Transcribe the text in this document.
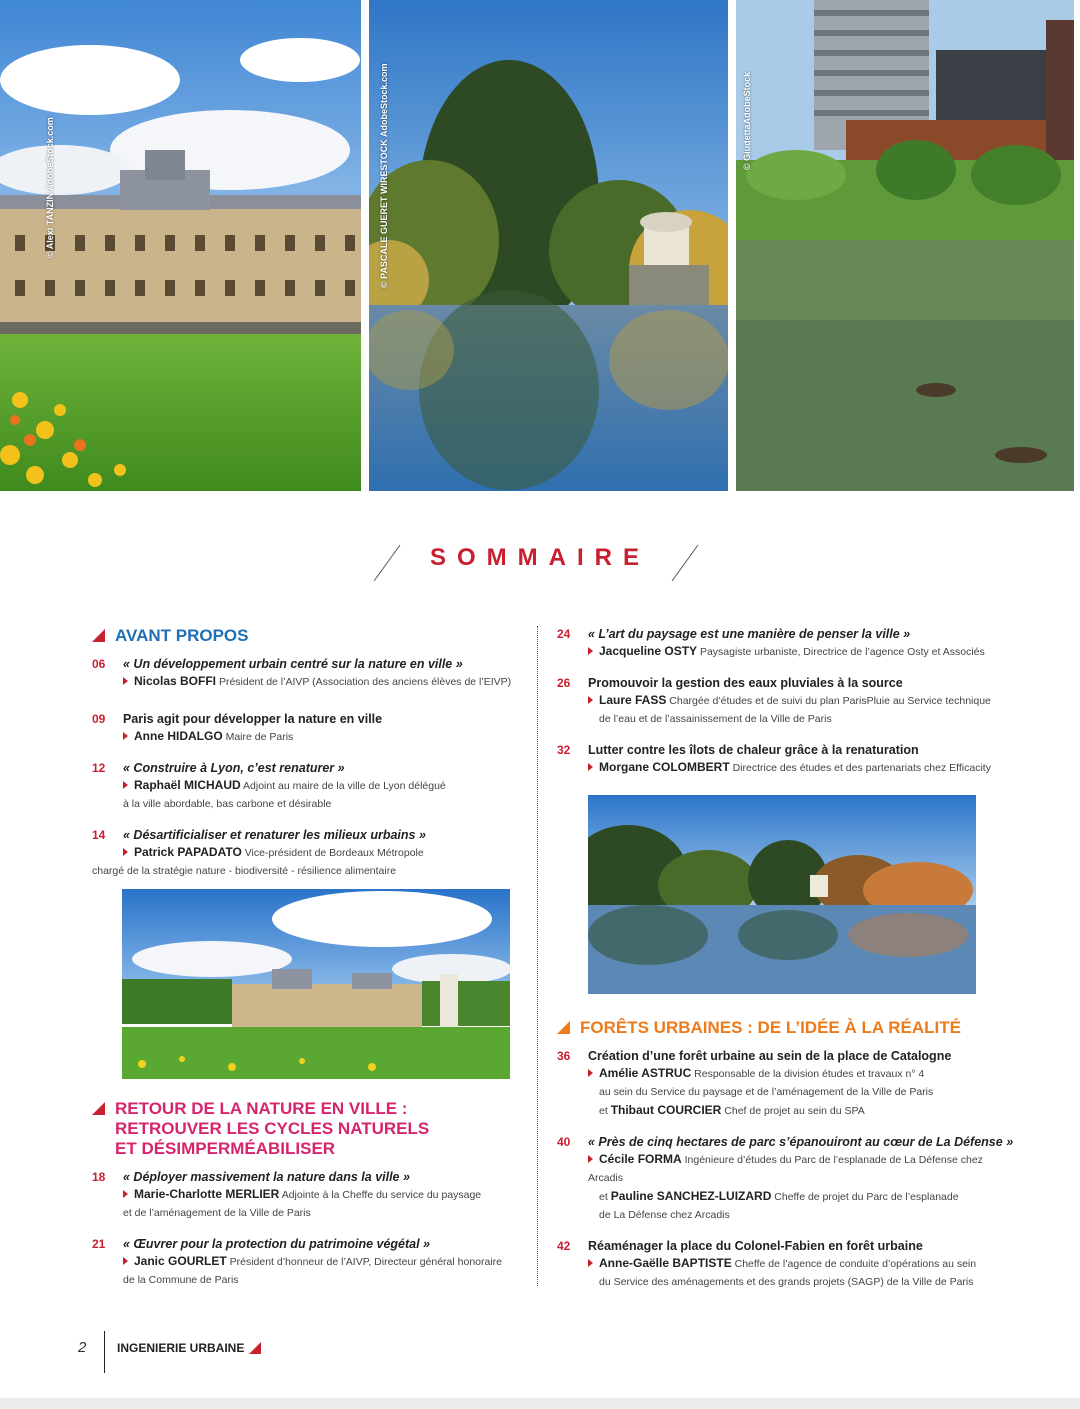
© Alexi TANZIN AdobeStock.com	© PASCALE GUERET WIRESTOCK AdobeStock.com	© GiudettaAdobeStock
SOMMAIRE
AVANT PROPOS
06	« Un développement urbain centré sur la nature en ville »
Nicolas BOFFI Président de l’AIVP (Association des anciens élèves de l’EIVP)
09	Paris agit pour développer la nature en ville
Anne HIDALGO Maire de Paris
12	« Construire à Lyon, c’est renaturer »
Raphaël MICHAUD Adjoint au maire de la ville de Lyon délégué
à la ville abordable, bas carbone et désirable
14	« Désartificialiser et renaturer les milieux urbains »
Patrick PAPADATO Vice-président de Bordeaux Métropole
chargé de la stratégie nature - biodiversité - résilience alimentaire
RETOUR DE LA NATURE EN VILLE :
RETROUVER LES CYCLES NATURELS
ET DÉSIMPERMÉABILISER
18	« Déployer massivement la nature dans la ville »
Marie-Charlotte MERLIER Adjointe à la Cheffe du service du paysage
et de l’aménagement de la Ville de Paris
21	« Œuvrer pour la protection du patrimoine végétal »
Janic GOURLET Président d’honneur de l’AIVP, Directeur général honoraire
de la Commune de Paris
24	« L’art du paysage est une manière de penser la ville »
Jacqueline OSTY Paysagiste urbaniste, Directrice de l’agence Osty et Associés
26	Promouvoir la gestion des eaux pluviales à la source
Laure FASS Chargée d’études et de suivi du plan ParisPluie au Service technique
de l’eau et de l’assainissement de la Ville de Paris
32	Lutter contre les îlots de chaleur grâce à la renaturation
Morgane COLOMBERT Directrice des études et des partenariats chez Efficacity
FORÊTS URBAINES : DE L’IDÉE À LA RÉALITÉ
36	Création d’une forêt urbaine au sein de la place de Catalogne
Amélie ASTRUC Responsable de la division études et travaux n° 4
au sein du Service du paysage et de l’aménagement de la Ville de Paris
et Thibaut COURCIER Chef de projet au sein du SPA
40	« Près de cinq hectares de parc s’épanouiront au cœur de La Défense »
Cécile FORMA Ingénieure d’études du Parc de l’esplanade de La Défense chez Arcadis
et Pauline SANCHEZ-LUIZARD Cheffe de projet du Parc de l’esplanade
de La Défense chez Arcadis
42	Réaménager la place du Colonel-Fabien en forêt urbaine
Anne-Gaëlle BAPTISTE Cheffe de l’agence de conduite d’opérations au sein
du Service des aménagements et des grands projets (SAGP) de la Ville de Paris
2	INGENIERIE URBAINE
